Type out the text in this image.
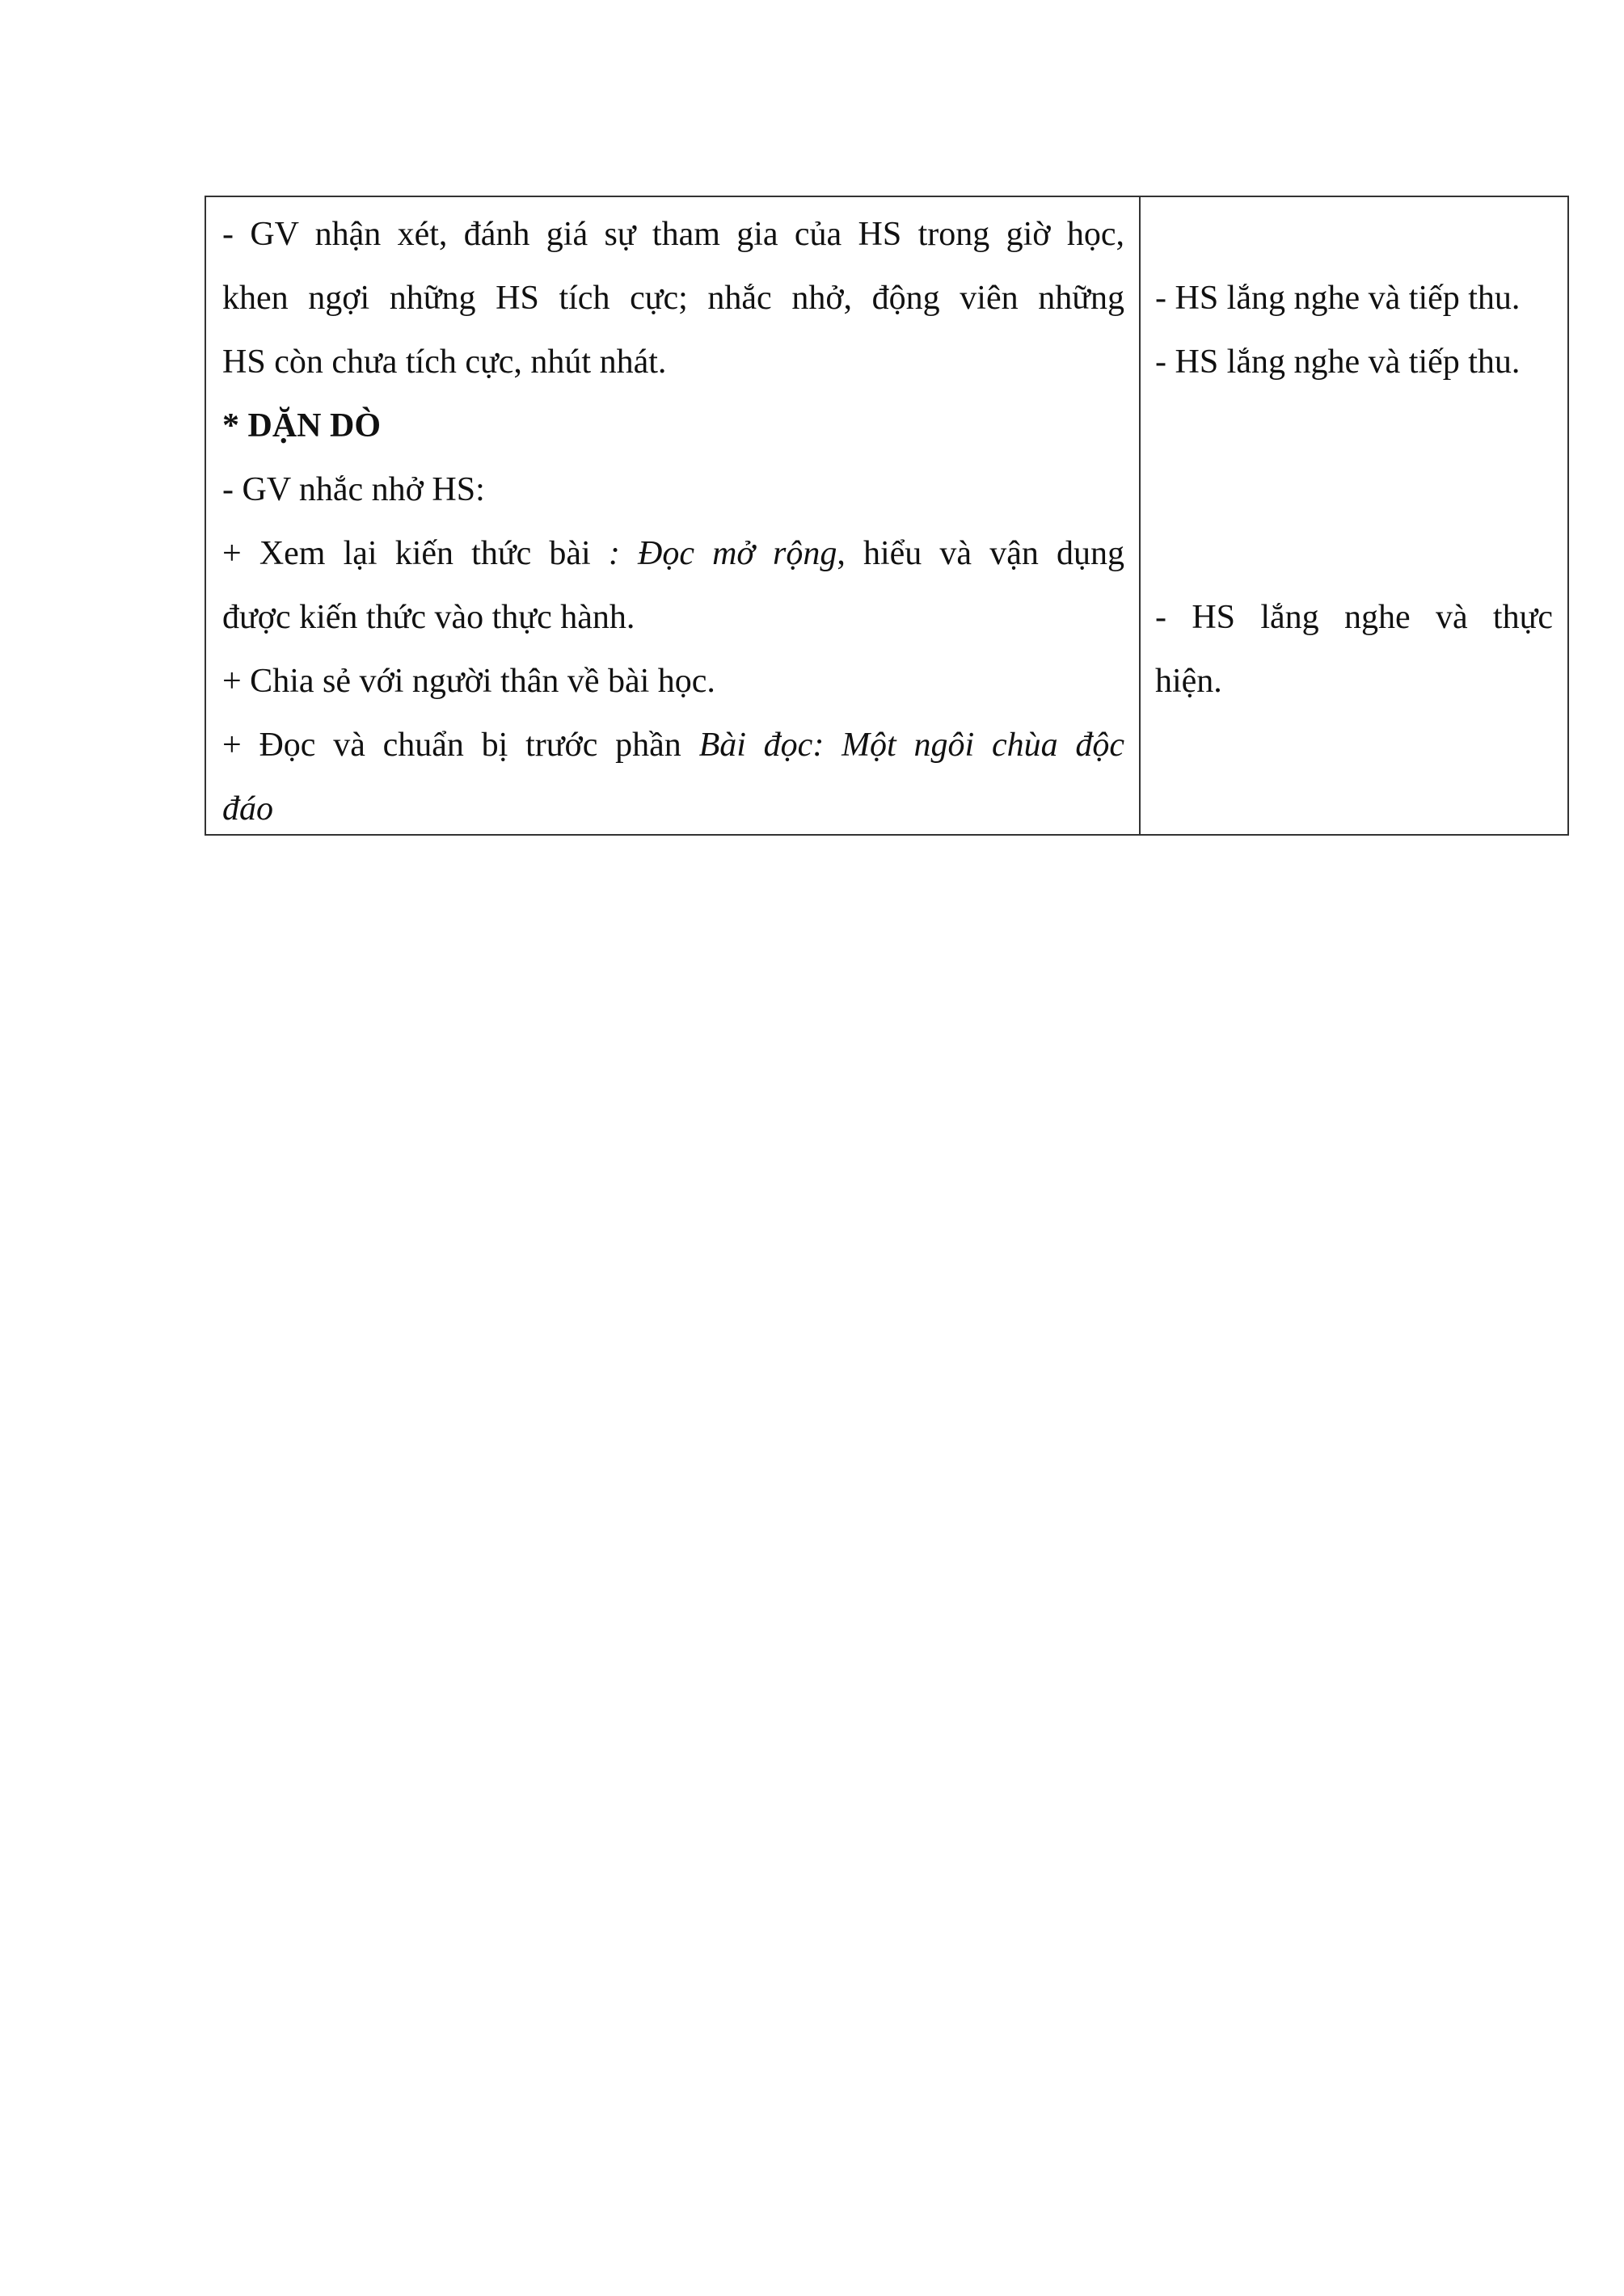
- GV nhận xét, đánh giá sự tham gia của HS trong giờ học,
khen ngợi những HS tích cực; nhắc nhở, động viên những
HS còn chưa tích cực, nhút nhát.
* DẶN DÒ
- GV nhắc nhở HS:
+ Xem lại kiến thức bài : Đọc mở rộng, hiểu và vận dụng
được kiến thức vào thực hành.
+ Chia sẻ với người thân về bài học.
+ Đọc và chuẩn bị trước phần Bài đọc: Một ngôi chùa độc
đáo
- HS lắng nghe và tiếp thu.
- HS lắng nghe và tiếp thu.
- HS lắng nghe và thực
hiện.
